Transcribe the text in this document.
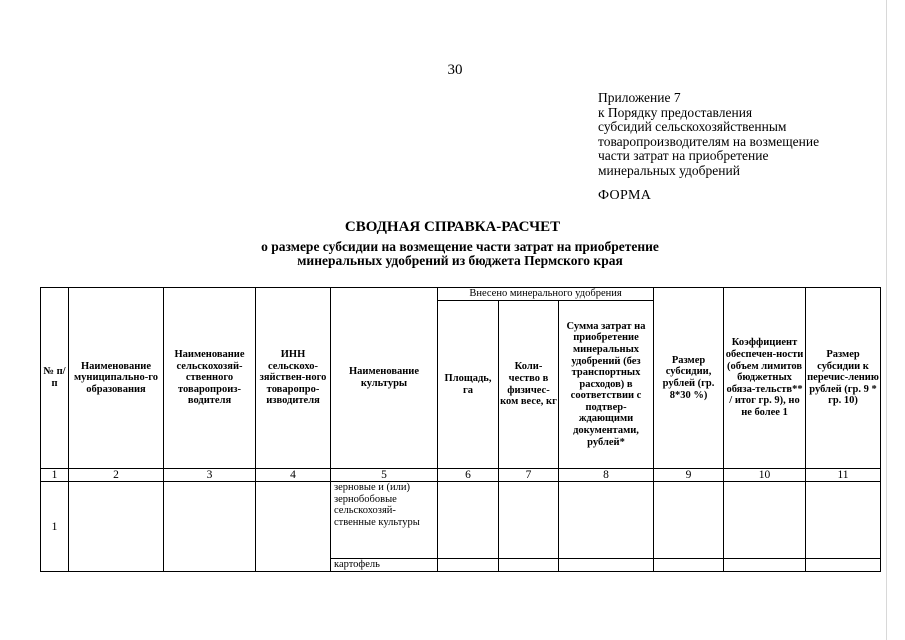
30
Приложение 7
к Порядку предоставления
субсидий сельскохозяйственным
товаропроизводителям на возмещение
части затрат на приобретение
минеральных удобрений
ФОРМА
СВОДНАЯ СПРАВКА-РАСЧЕТ
о размере субсидии на возмещение части затрат на приобретение
минеральных удобрений из бюджета Пермского края
№ п/п	Наименование муниципально-го образования	Наименование сельскохозяй-ственного товаропроиз-водителя	ИНН сельскохо-зяйствен-ного товаропро-изводителя	Наименование культуры	Внесено минерального удобрения			Размер субсидии, рублей (гр. 8*30 %)	Коэффициент обеспечен-ности (объем лимитов бюджетных обяза-тельств** / итог гр. 9), но не более 1	Размер субсидии к перечис-лению рублей (гр. 9 * гр. 10)
					Площадь, га	Коли-чество в физичес-ком весе, кг	Сумма затрат на приобретение минеральных удобрений (без транспортных расходов) в соответствии с подтвер-ждающими документами, рублей*			
1	2	3	4	5	6	7	8	9	10	11
1				зерновые и (или) зернобобовые сельскохозяй-ственные культуры						
				картофель						
